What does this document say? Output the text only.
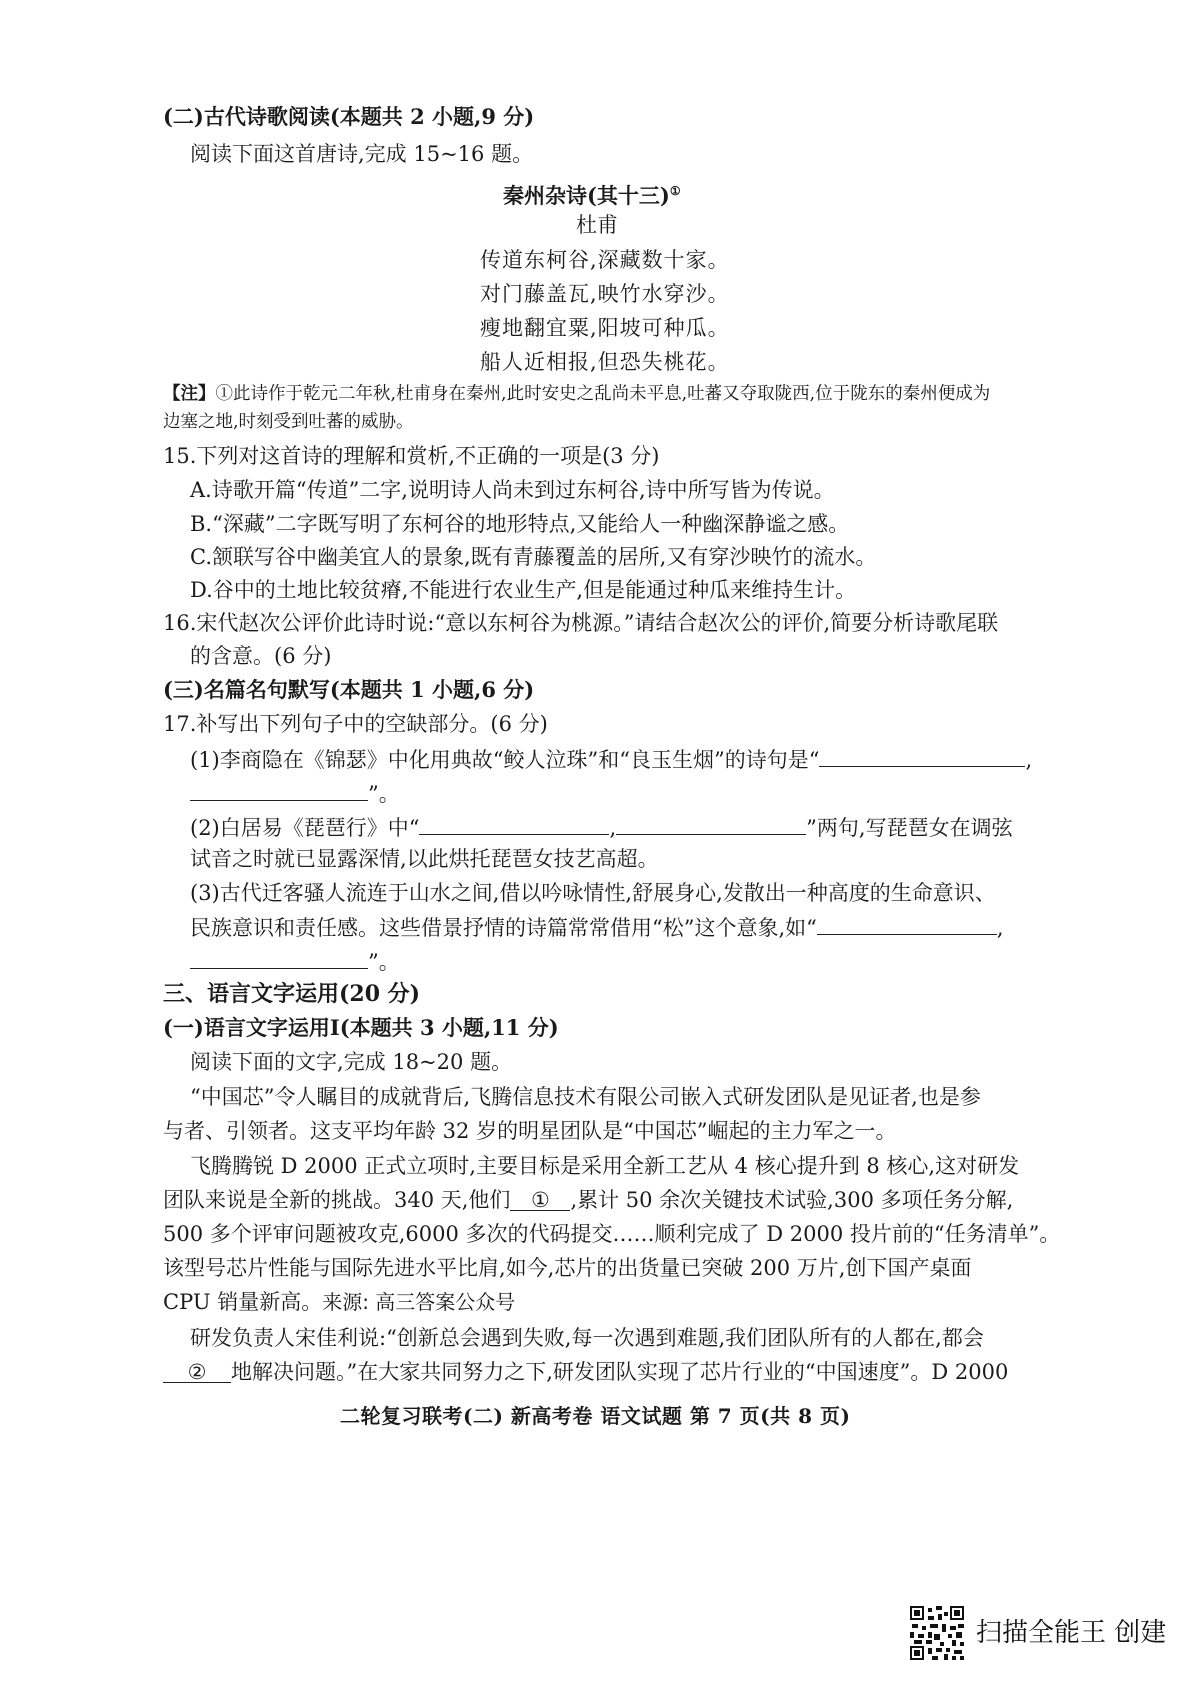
(二)古代诗歌阅读(本题共 2 小题,9 分)
阅读下面这首唐诗,完成 15~16 题。
秦州杂诗(其十三)①
杜甫
传道东柯谷,深藏数十家。
对门藤盖瓦,映竹水穿沙。
瘦地翻宜粟,阳坡可种瓜。
船人近相报,但恐失桃花。
【注】①此诗作于乾元二年秋,杜甫身在秦州,此时安史之乱尚未平息,吐蕃又夺取陇西,位于陇东的秦州便成为
边塞之地,时刻受到吐蕃的威胁。
15.下列对这首诗的理解和赏析,不正确的一项是(3 分)
A.诗歌开篇“传道”二字,说明诗人尚未到过东柯谷,诗中所写皆为传说。
B.“深藏”二字既写明了东柯谷的地形特点,又能给人一种幽深静谧之感。
C.颔联写谷中幽美宜人的景象,既有青藤覆盖的居所,又有穿沙映竹的流水。
D.谷中的土地比较贫瘠,不能进行农业生产,但是能通过种瓜来维持生计。
16.宋代赵次公评价此诗时说:“意以东柯谷为桃源。”请结合赵次公的评价,简要分析诗歌尾联
的含意。(6 分)
(三)名篇名句默写(本题共 1 小题,6 分)
17.补写出下列句子中的空缺部分。(6 分)
(1)李商隐在《锦瑟》中化用典故“鲛人泣珠”和“良玉生烟”的诗句是“	,
”。
(2)白居易《琵琶行》中“	,	”两句,写琵琶女在调弦
试音之时就已显露深情,以此烘托琵琶女技艺高超。
(3)古代迁客骚人流连于山水之间,借以吟咏情性,舒展身心,发散出一种高度的生命意识、
民族意识和责任感。这些借景抒情的诗篇常常借用“松”这个意象,如“	,
”。
三、语言文字运用(20 分)
(一)语言文字运用Ⅰ(本题共 3 小题,11 分)
阅读下面的文字,完成 18~20 题。
“中国芯”令人瞩目的成就背后,飞腾信息技术有限公司嵌入式研发团队是见证者,也是参
与者、引领者。这支平均年龄 32 岁的明星团队是“中国芯”崛起的主力军之一。
飞腾腾锐 D 2000 正式立项时,主要目标是采用全新工艺从 4 核心提升到 8 核心,这对研发
团队来说是全新的挑战。340 天,他们 ① ,累计 50 余次关键技术试验,300 多项任务分解,
500 多个评审问题被攻克,6000 多次的代码提交……顺利完成了 D 2000 投片前的“任务清单”。
该型号芯片性能与国际先进水平比肩,如今,芯片的出货量已突破 200 万片,创下国产桌面
CPU 销量新高。来源: 高三答案公众号
研发负责人宋佳利说:“创新总会遇到失败,每一次遇到难题,我们团队所有的人都在,都会
② 地解决问题。”在大家共同努力之下,研发团队实现了芯片行业的“中国速度”。D 2000
二轮复习联考(二) 新高考卷 语文试题 第 7 页(共 8 页)
扫描全能王 创建
